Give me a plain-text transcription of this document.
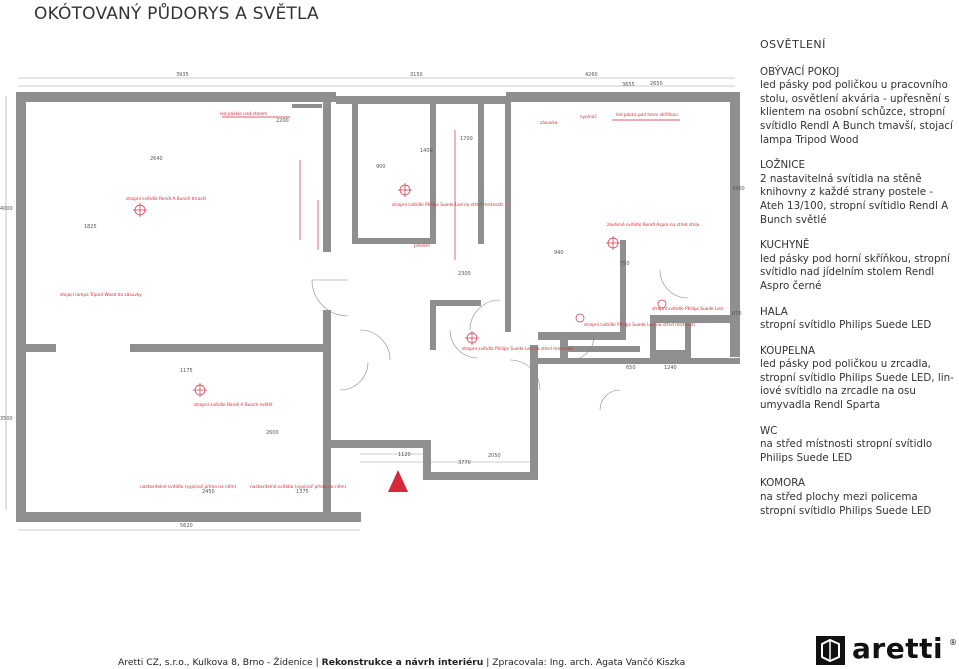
OKÓTOVANÝ PŮDORYS A SVĚTLA
3935	3150	4260
3655
2200
4000
3500
3400
870
5620
3770
2050
1120
2640
1825
2300
1400
940
1175
2600
2450	1375
750
900
1240
650
2650
1700
led páskle nad stolem
stropní svítidlo Rendl A Bunch tmavší
stojací lampa Tripod Wood do zásuvky
stropní svítidlo Philips Suede Led na střed místnosti
stropní svítidlo Philips Suede Led na střed místnosti
stropní svítidlo Rendl A Bunch světlé
nastavitelné svítidlo (vypínač přímo na něm)	nastavitelné svítidlo (vypínač přímo na něm)
závěsné svítidlo Rendl Aspro na střed stolu
stropní svítidlo Philips Suede Led na střed místnosti
stropní svítidlo Philips Suede Led
led páska pod horní skříňkou
vypínač
zásuvka
předsíň
OSVĚTLENÍ
OBÝVACÍ POKOJ
led pásky pod poličkou u pracovního stolu, osvětlení akvária - upřesnění s klientem na osobní schůzce, stropní svítidlo Rendl A Bunch tmavší, stojací lampa Tripod Wood
LOŽNICE
2 nastavitelná svítidla na stěně knihovny z každé strany postele - Ateh 13/100, stropní svítidlo Rendl A Bunch světlé
KUCHYNĚ
led pásky pod horní skříňkou, stropní svítidlo nad jídelním stolem Rendl Aspro černé
HALA
stropní svítidlo Philips Suede LED
KOUPELNA
led pásky pod poličkou u zrcadla, stropní svítidlo Philips Suede LED, lin-iové svítidlo na zrcadle na osu umyvadla Rendl Sparta
WC
na střed místnosti stropní svítidlo Philips Suede LED
KOMORA
na střed plochy mezi policema stropní svítidlo Philips Suede LED
Aretti CZ, s.r.o., Kulkova 8, Brno - Židenice | Rekonstrukce a návrh interiéru | Zpracovala: Ing. arch. Agata Vančó Kiszka	aretti ®
